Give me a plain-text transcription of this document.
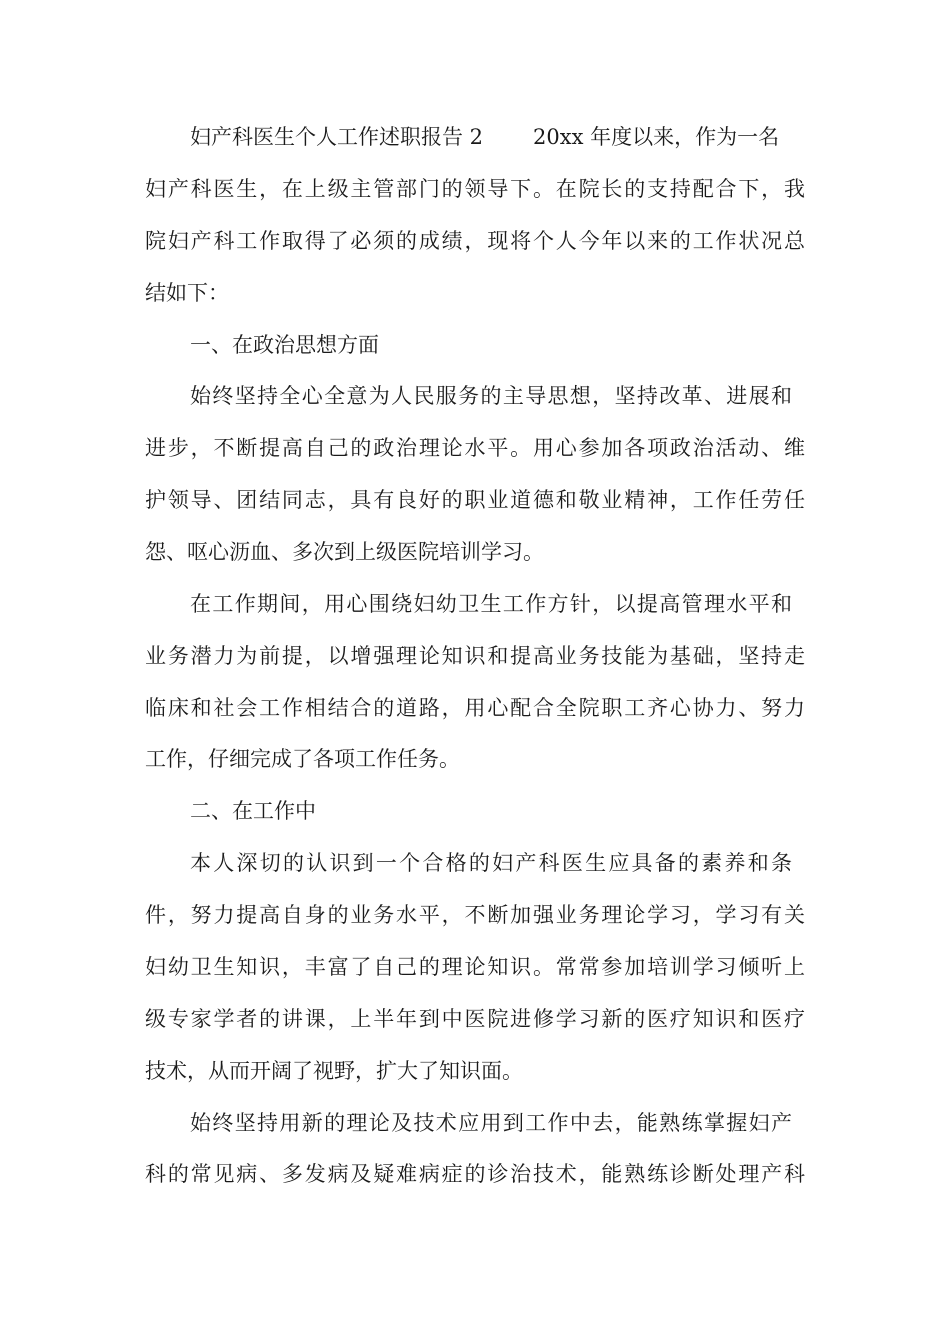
妇产科医生个人工作述职报告 2 20xx 年度以来，作为一名
妇产科医生，在上级主管部门的领导下。在院长的支持配合下，我
院妇产科工作取得了必须的成绩，现将个人今年以来的工作状况总
结如下：
一、在政治思想方面
始终坚持全心全意为人民服务的主导思想，坚持改革、进展和
进步，不断提高自己的政治理论水平。用心参加各项政治活动、维
护领导、团结同志，具有良好的职业道德和敬业精神，工作任劳任
怨、呕心沥血、多次到上级医院培训学习。
在工作期间，用心围绕妇幼卫生工作方针，以提高管理水平和
业务潜力为前提，以增强理论知识和提高业务技能为基础，坚持走
临床和社会工作相结合的道路，用心配合全院职工齐心协力、努力
工作，仔细完成了各项工作任务。
二、在工作中
本人深切的认识到一个合格的妇产科医生应具备的素养和条
件，努力提高自身的业务水平，不断加强业务理论学习，学习有关
妇幼卫生知识，丰富了自己的理论知识。常常参加培训学习倾听上
级专家学者的讲课，上半年到中医院进修学习新的医疗知识和医疗
技术，从而开阔了视野，扩大了知识面。
始终坚持用新的理论及技术应用到工作中去，能熟练掌握妇产
科的常见病、多发病及疑难病症的诊治技术，能熟练诊断处理产科
